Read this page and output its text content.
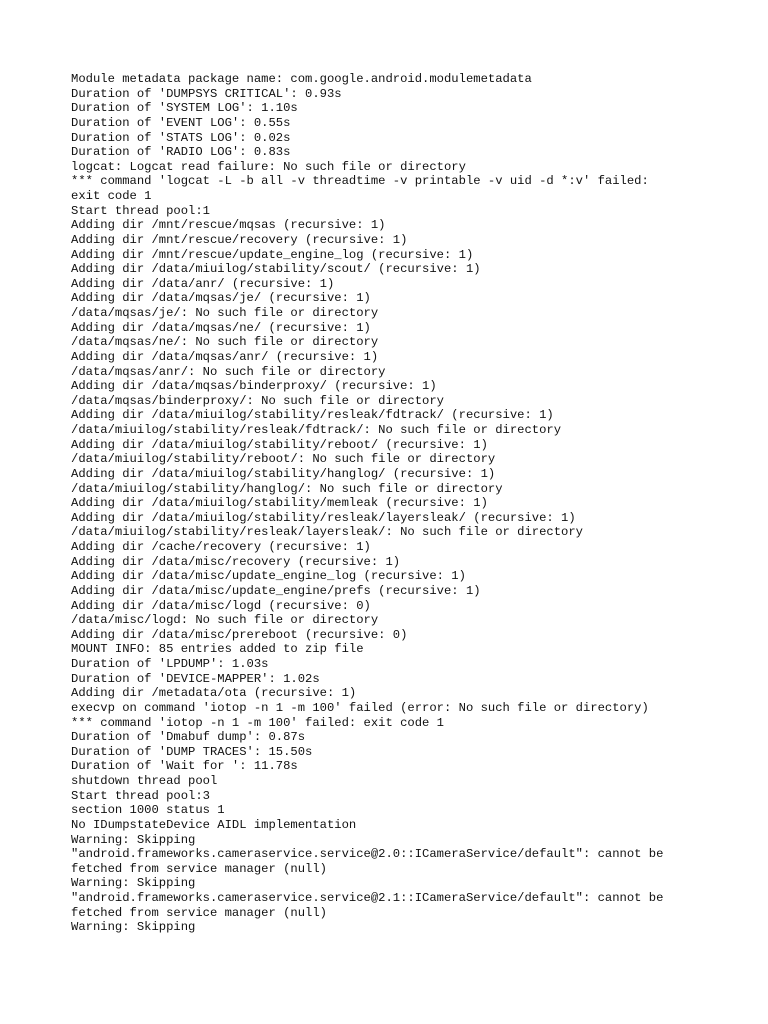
Module metadata package name: com.google.android.modulemetadata
Duration of 'DUMPSYS CRITICAL': 0.93s
Duration of 'SYSTEM LOG': 1.10s
Duration of 'EVENT LOG': 0.55s
Duration of 'STATS LOG': 0.02s
Duration of 'RADIO LOG': 0.83s
logcat: Logcat read failure: No such file or directory
*** command 'logcat -L -b all -v threadtime -v printable -v uid -d *:v' failed:
exit code 1
Start thread pool:1
Adding dir /mnt/rescue/mqsas (recursive: 1)
Adding dir /mnt/rescue/recovery (recursive: 1)
Adding dir /mnt/rescue/update_engine_log (recursive: 1)
Adding dir /data/miuilog/stability/scout/ (recursive: 1)
Adding dir /data/anr/ (recursive: 1)
Adding dir /data/mqsas/je/ (recursive: 1)
/data/mqsas/je/: No such file or directory
Adding dir /data/mqsas/ne/ (recursive: 1)
/data/mqsas/ne/: No such file or directory
Adding dir /data/mqsas/anr/ (recursive: 1)
/data/mqsas/anr/: No such file or directory
Adding dir /data/mqsas/binderproxy/ (recursive: 1)
/data/mqsas/binderproxy/: No such file or directory
Adding dir /data/miuilog/stability/resleak/fdtrack/ (recursive: 1)
/data/miuilog/stability/resleak/fdtrack/: No such file or directory
Adding dir /data/miuilog/stability/reboot/ (recursive: 1)
/data/miuilog/stability/reboot/: No such file or directory
Adding dir /data/miuilog/stability/hanglog/ (recursive: 1)
/data/miuilog/stability/hanglog/: No such file or directory
Adding dir /data/miuilog/stability/memleak (recursive: 1)
Adding dir /data/miuilog/stability/resleak/layersleak/ (recursive: 1)
/data/miuilog/stability/resleak/layersleak/: No such file or directory
Adding dir /cache/recovery (recursive: 1)
Adding dir /data/misc/recovery (recursive: 1)
Adding dir /data/misc/update_engine_log (recursive: 1)
Adding dir /data/misc/update_engine/prefs (recursive: 1)
Adding dir /data/misc/logd (recursive: 0)
/data/misc/logd: No such file or directory
Adding dir /data/misc/prereboot (recursive: 0)
MOUNT INFO: 85 entries added to zip file
Duration of 'LPDUMP': 1.03s
Duration of 'DEVICE-MAPPER': 1.02s
Adding dir /metadata/ota (recursive: 1)
execvp on command 'iotop -n 1 -m 100' failed (error: No such file or directory)
*** command 'iotop -n 1 -m 100' failed: exit code 1
Duration of 'Dmabuf dump': 0.87s
Duration of 'DUMP TRACES': 15.50s
Duration of 'Wait for ': 11.78s
shutdown thread pool
Start thread pool:3
section 1000 status 1
No IDumpstateDevice AIDL implementation
Warning: Skipping
"android.frameworks.cameraservice.service@2.0::ICameraService/default": cannot be
fetched from service manager (null)
Warning: Skipping
"android.frameworks.cameraservice.service@2.1::ICameraService/default": cannot be
fetched from service manager (null)
Warning: Skipping
